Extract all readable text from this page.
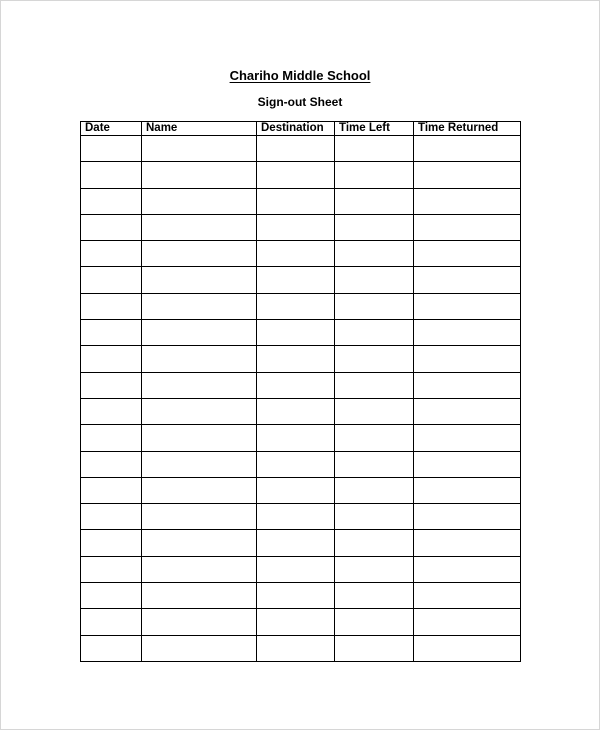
Chariho Middle School
Sign-out Sheet
Date	Name	Destination	Time Left	Time Returned
